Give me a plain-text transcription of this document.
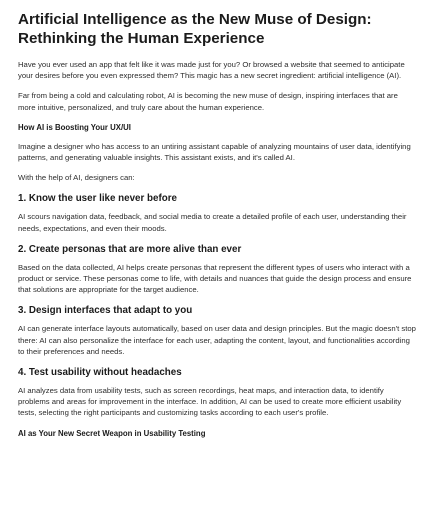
Artificial Intelligence as the New Muse of Design:
Rethinking the Human Experience

Have you ever used an app that felt like it was made just for you? Or browsed a website that seemed to anticipate your desires before you even expressed them? This magic has a new secret ingredient: artificial intelligence (AI).

Far from being a cold and calculating robot, AI is becoming the new muse of design, inspiring interfaces that are more intuitive, personalized, and truly care about the human experience.

How AI is Boosting Your UX/UI

Imagine a designer who has access to an untiring assistant capable of analyzing mountains of user data, identifying patterns, and generating valuable insights. This assistant exists, and it's called AI.

With the help of AI, designers can:

1. Know the user like never before

AI scours navigation data, feedback, and social media to create a detailed profile of each user, understanding their needs, expectations, and even their moods.

2. Create personas that are more alive than ever

Based on the data collected, AI helps create personas that represent the different types of users who interact with a product or service. These personas come to life, with details and nuances that guide the design process and ensure that solutions are appropriate for the target audience.

3. Design interfaces that adapt to you

AI can generate interface layouts automatically, based on user data and design principles. But the magic doesn't stop there: AI can also personalize the interface for each user, adapting the content, layout, and functionalities according to their preferences and needs.

4. Test usability without headaches

AI analyzes data from usability tests, such as screen recordings, heat maps, and interaction data, to identify problems and areas for improvement in the interface. In addition, AI can be used to create more efficient usability tests, selecting the right participants and customizing tasks according to each user's profile.

AI as Your New Secret Weapon in Usability Testing
